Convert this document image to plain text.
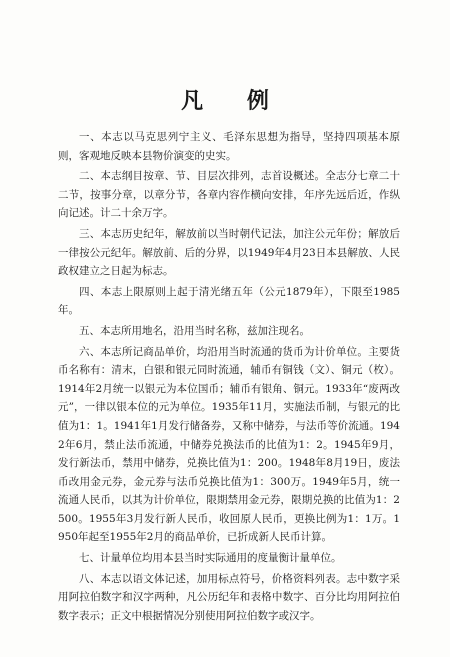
凡 例

一、本志以马克思列宁主义、毛泽东思想为指导，坚持四项基本原则，客观地反映本县物价演变的史实。

二、本志纲目按章、节、目层次排列，志首设概述。全志分七章二十二节，按事分章，以章分节，各章内容作横向安排，年序先远后近，作纵向记述。计二十余万字。

三、本志历史纪年，解放前以当时朝代记法，加注公元年份；解放后一律按公元纪年。解放前、后的分界，以1949年4月23日本县解放、人民政权建立之日起为标志。

四、本志上限原则上起于清光绪五年（公元1879年），下限至1985年。

五、本志所用地名，沿用当时名称，兹加注现名。

六、本志所记商品单价，均沿用当时流通的货币为计价单位。主要货币名称有：清末，白银和银元同时流通，辅币有铜钱（文）、铜元（枚）。1914年2月统一以银元为本位国币；辅币有银角、铜元。1933年“废两改元”，一律以银本位的元为单位。1935年11月，实施法币制，与银元的比值为1：1。1941年1月发行储备券，又称中储券，与法币等价流通。1942年6月，禁止法币流通，中储券兑换法币的比值为1：2。1945年9月，发行新法币，禁用中储券，兑换比值为1：200。1948年8月19日，废法币改用金元券，金元券与法币兑换比值为1：300万。1949年5月，统一流通人民币，以其为计价单位，限期禁用金元券，限期兑换的比值为1：2500。1955年3月发行新人民币，收回原人民币，更换比例为1：1万。1950年起至1955年2月的商品单价，已折成新人民币计算。

七、计量单位均用本县当时实际通用的度量衡计量单位。

八、本志以语文体记述，加用标点符号，价格资料列表。志中数字采用阿拉伯数字和汉字两种，凡公历纪年和表格中数字、百分比均用阿拉伯数字表示；正文中根据情况分别使用阿拉伯数字或汉字。
